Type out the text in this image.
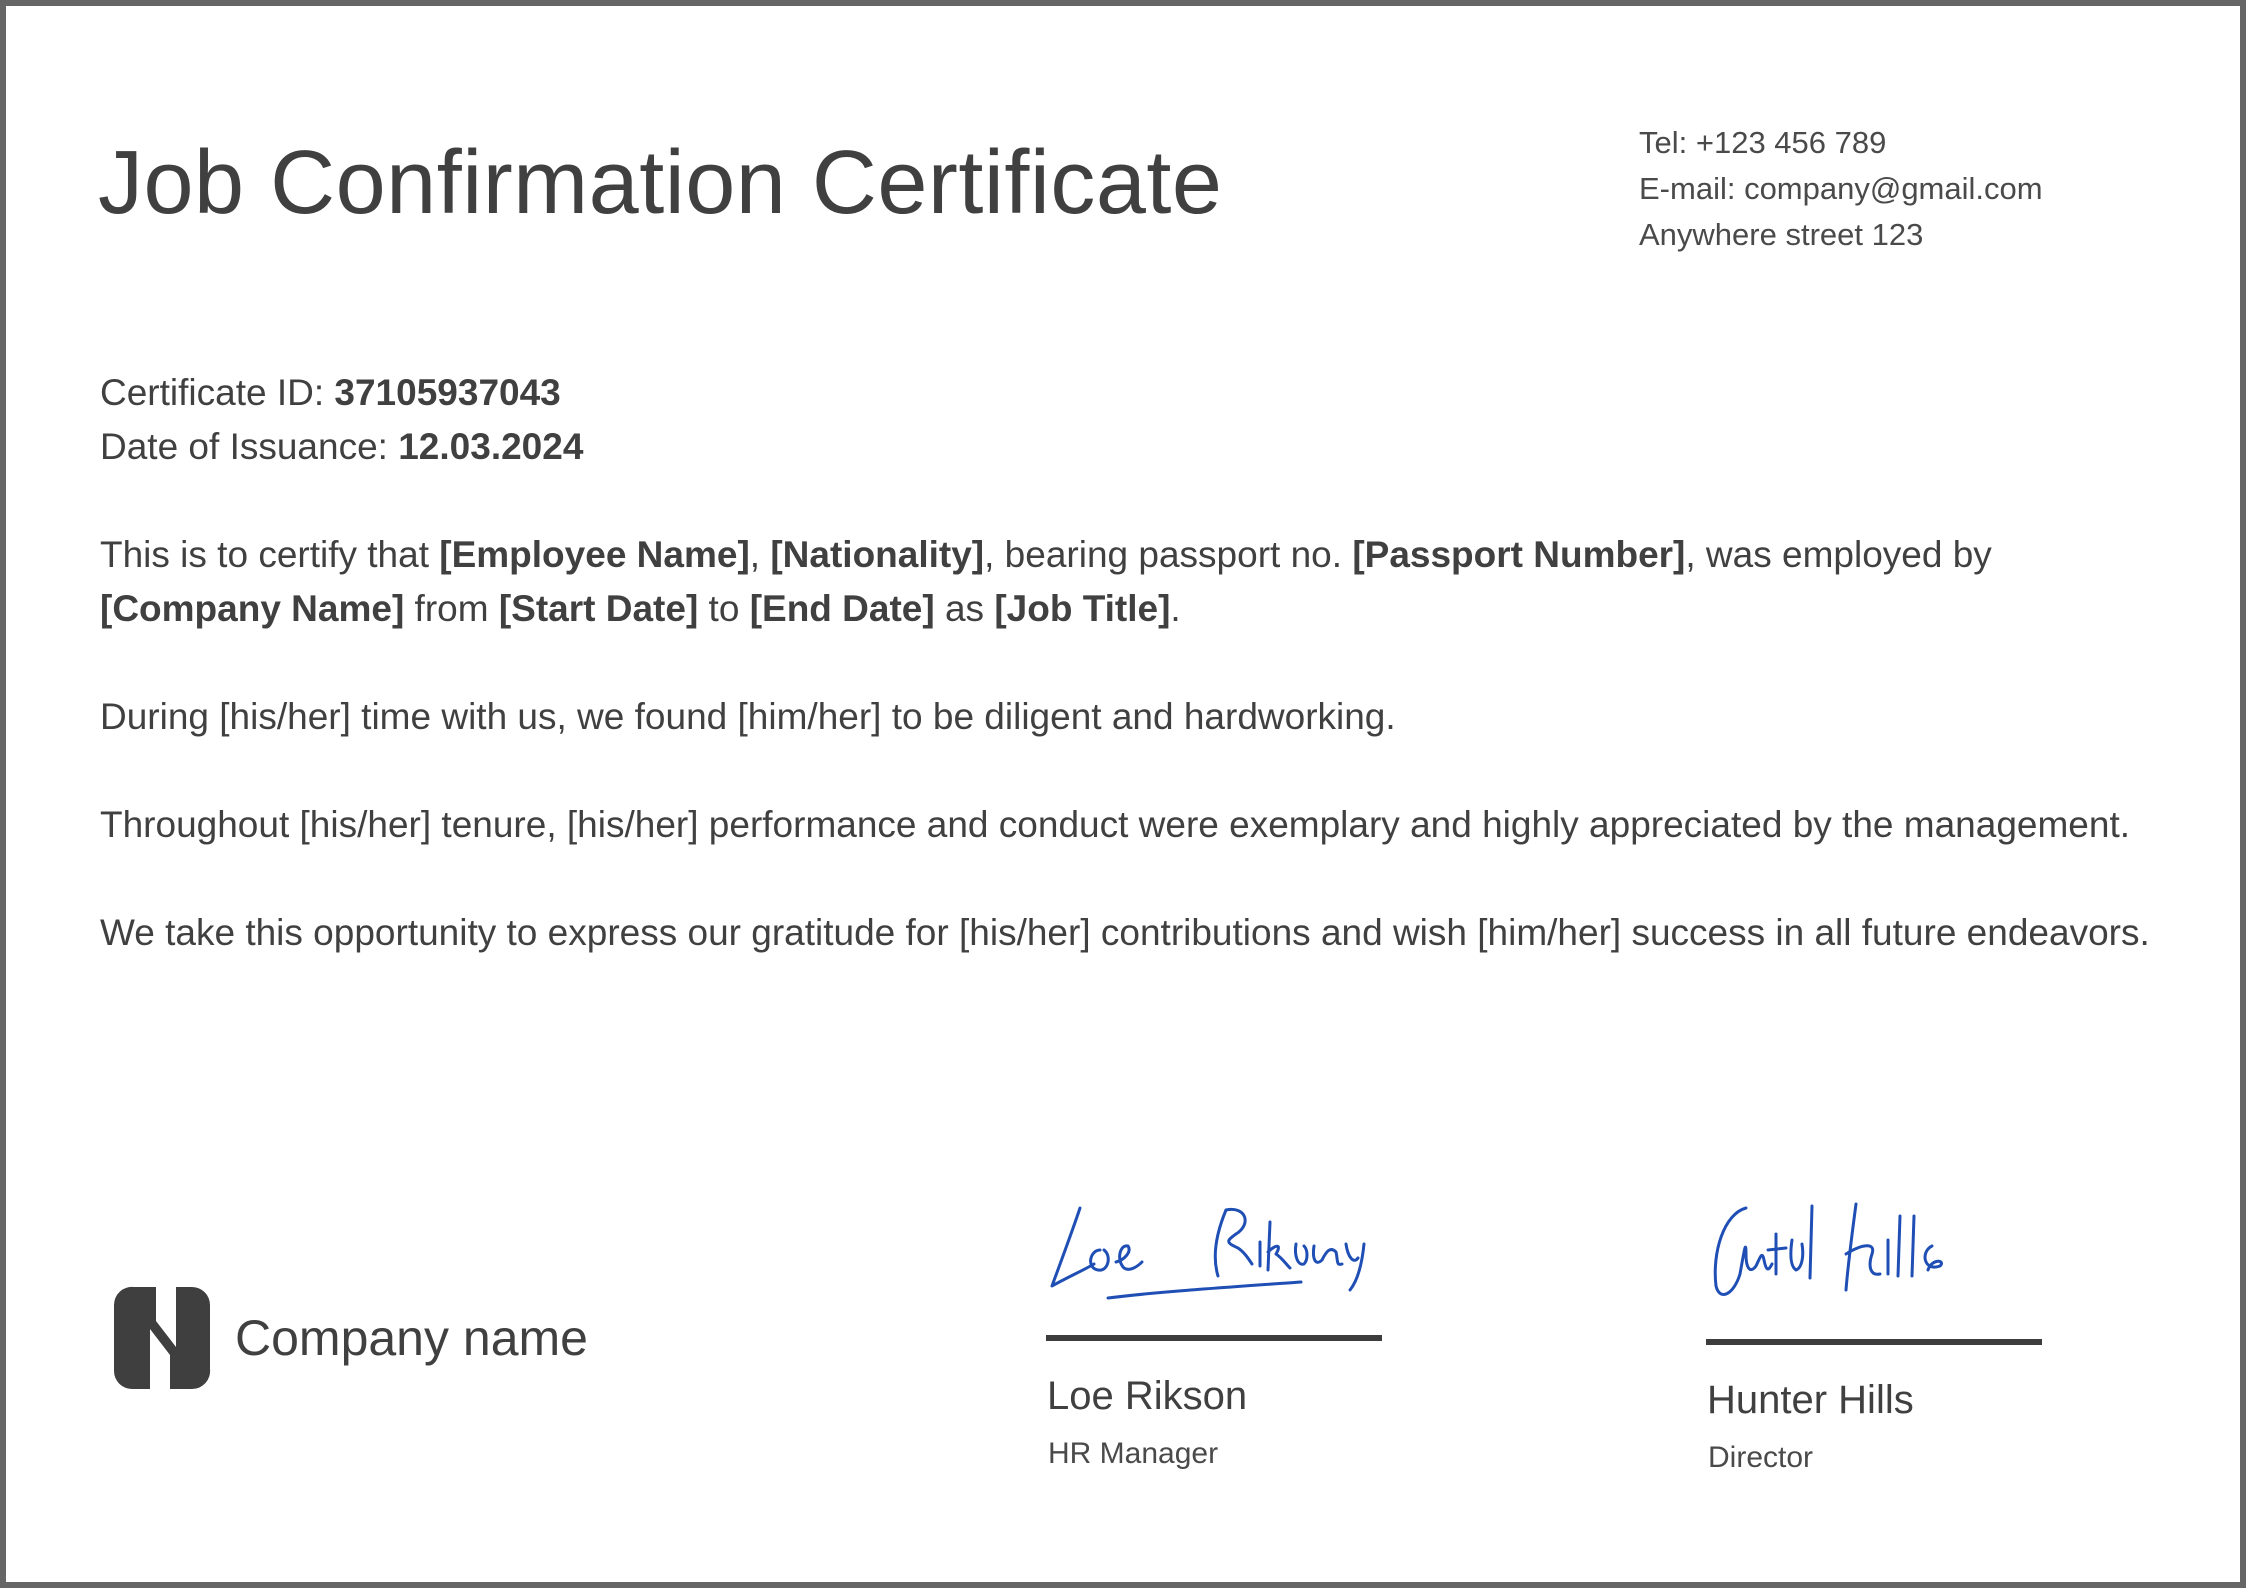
Job Confirmation Certificate	Tel: +123 456 789
E-mail: company@gmail.com
Anywhere street 123
Certificate ID: 37105937043
Date of Issuance: 12.03.2024

This is to certify that [Employee Name], [Nationality], bearing passport no. [Passport Number], was employed by [Company Name] from [Start Date] to [End Date] as [Job Title].

During [his/her] time with us, we found [him/her] to be diligent and hardworking.

Throughout [his/her] tenure, [his/her] performance and conduct were exemplary and highly appreciated by the management.

We take this opportunity to express our gratitude for [his/her] contributions and wish [him/her] success in all future endeavors.

Company name
Loe Rikson
HR Manager
Hunter Hills
Director
